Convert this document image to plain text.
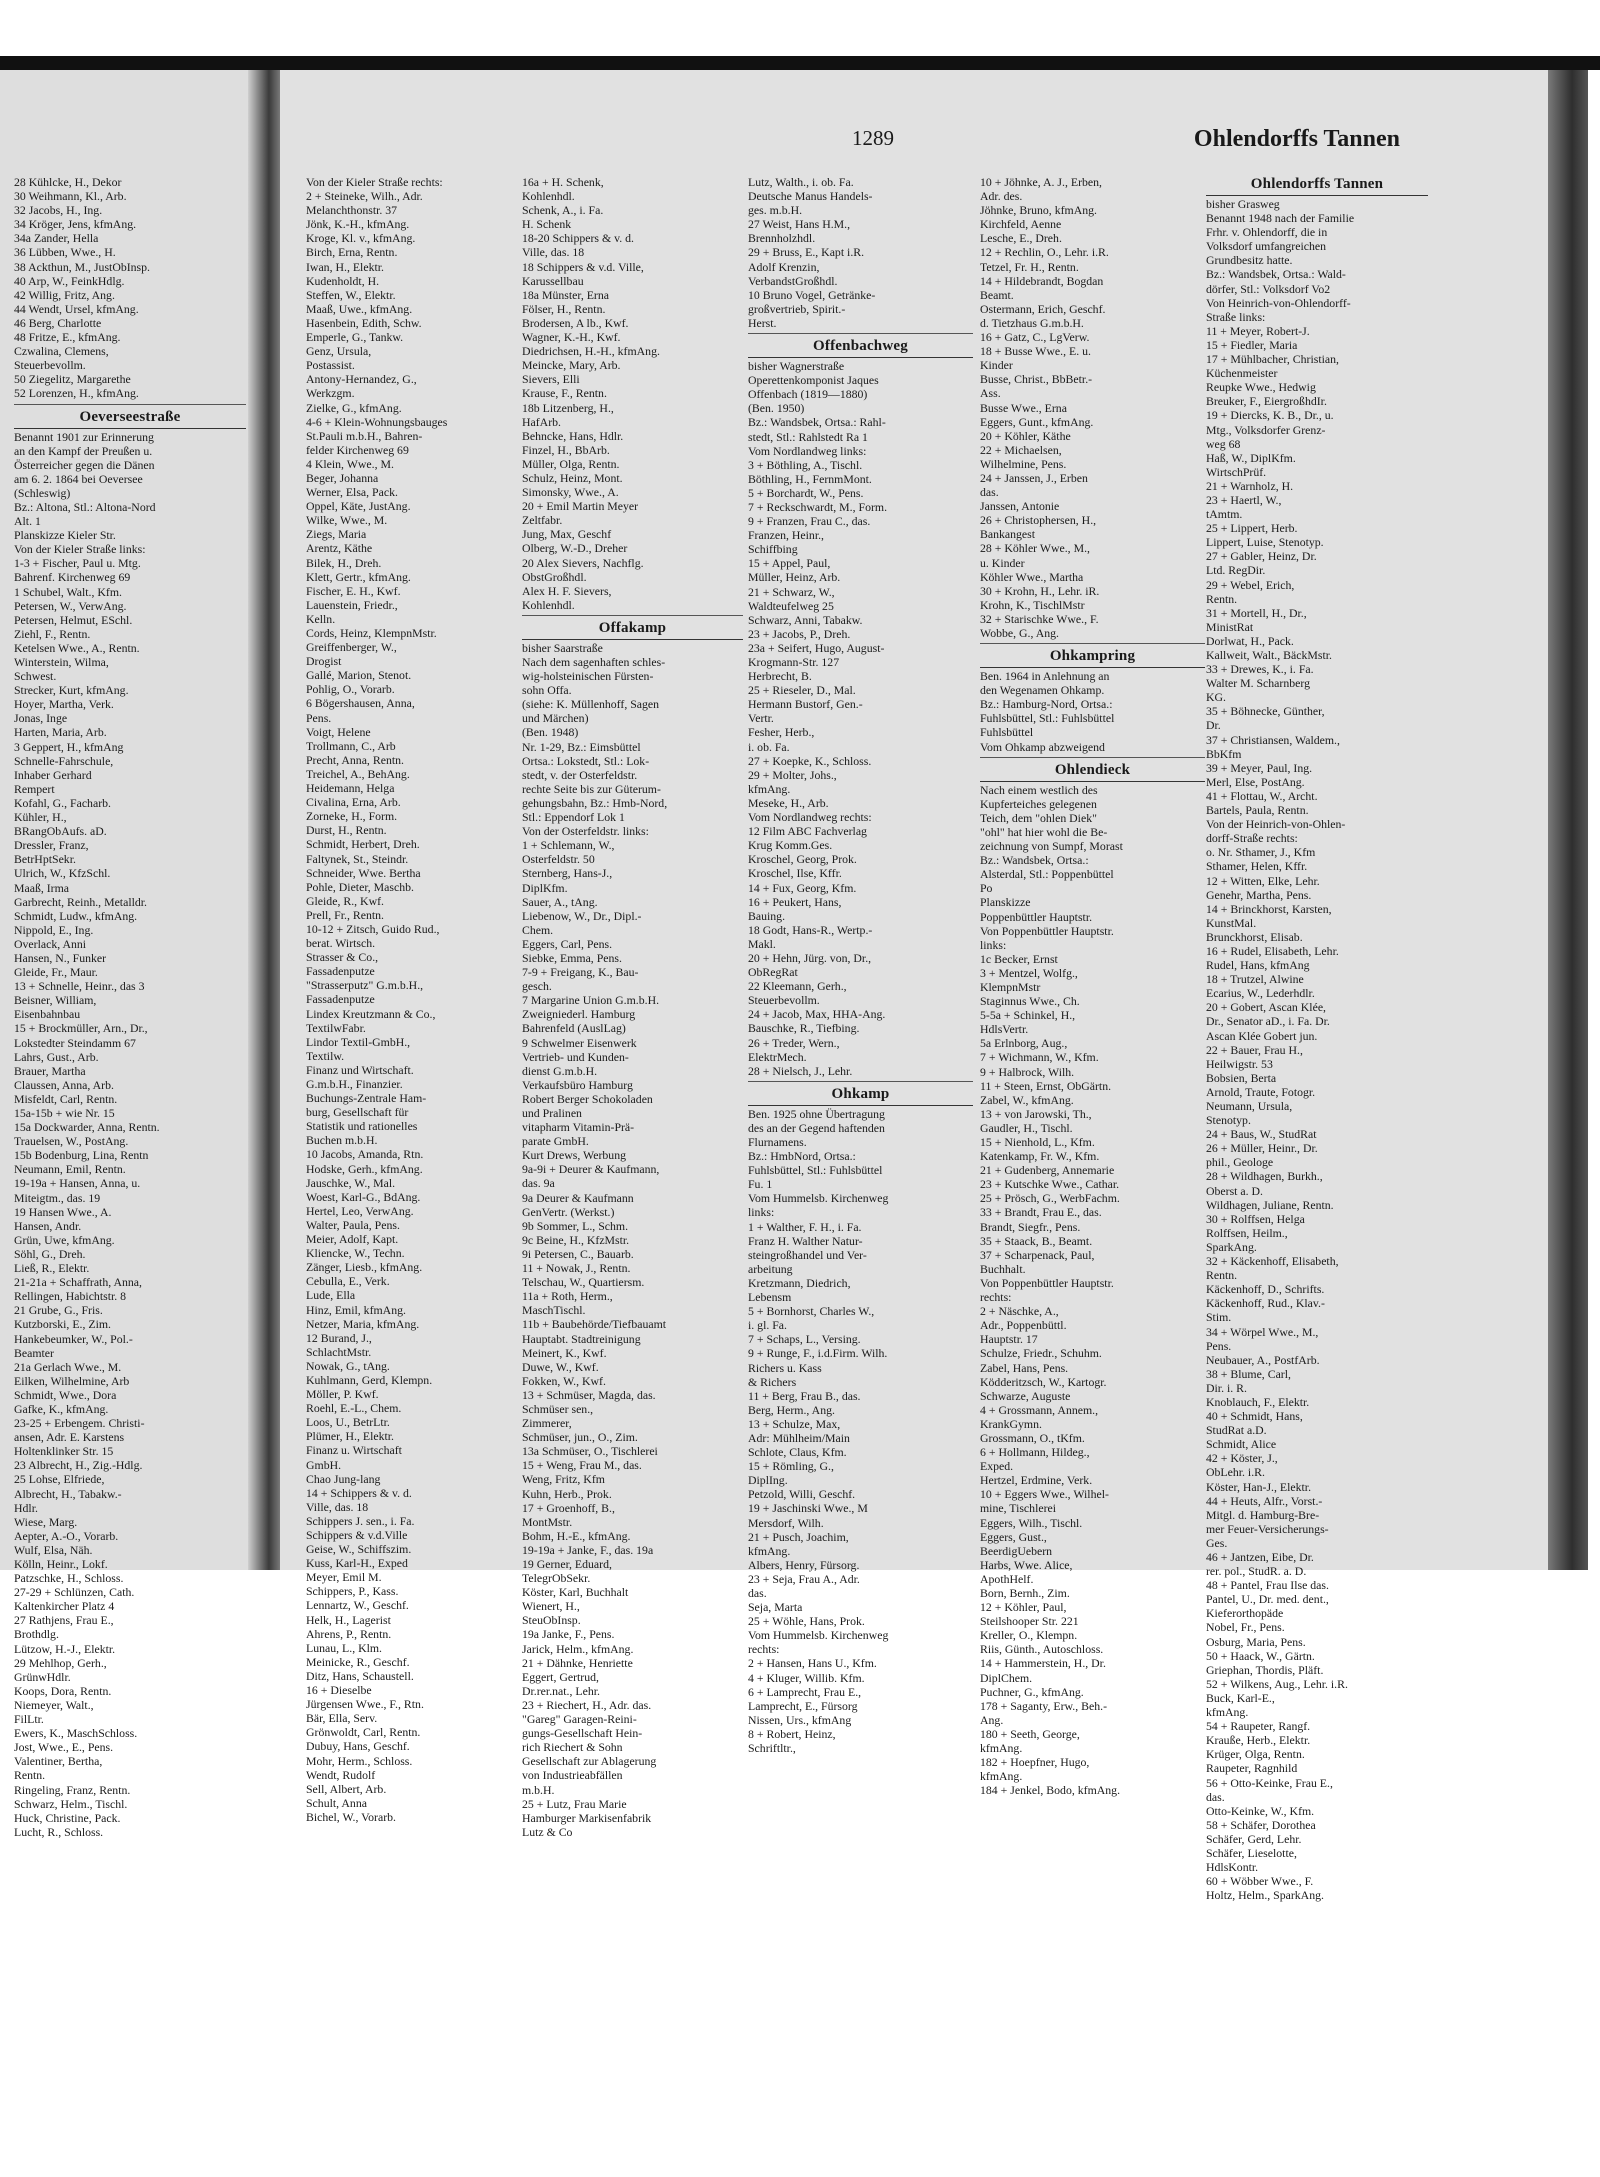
1289	Ohlendorffs Tannen
28 Kühlcke, H., Dekor
30 Weihmann, Kl., Arb.
32 Jacobs, H., Ing.
34 Kröger, Jens, kfmAng.
34a Zander, Hella
36 Lübben, Wwe., H.
38 Ackthun, M., JustObInsp.
40 Arp, W., FeinkHdlg.
42 Willig, Fritz, Ang.
44 Wendt, Ursel, kfmAng.
46 Berg, Charlotte
48 Fritze, E., kfmAng.
Czwalina, Clemens,
Steuerbevollm.
50 Ziegelitz, Margarethe
52 Lorenzen, H., kfmAng.
Oeverseestraße
Benannt 1901 zur Erinnerung
an den Kampf der Preußen u.
Österreicher gegen die Dänen
am 6. 2. 1864 bei Oeversee
(Schleswig)
Bz.: Altona, Stl.: Altona-Nord
Alt. 1
Planskizze Kieler Str.
Von der Kieler Straße links:
1-3 + Fischer, Paul u. Mtg.
Bahrenf. Kirchenweg 69
1 Schubel, Walt., Kfm.
Petersen, W., VerwAng.
Petersen, Helmut, ESchl.
Ziehl, F., Rentn.
Ketelsen Wwe., A., Rentn.
Winterstein, Wilma,
Schwest.
Strecker, Kurt, kfmAng.
Hoyer, Martha, Verk.
Jonas, Inge
Harten, Maria, Arb.
3 Geppert, H., kfmAng
Schnelle-Fahrschule,
Inhaber Gerhard
Rempert
Kofahl, G., Facharb.
Kühler, H.,
BRangObAufs. aD.
Dressler, Franz,
BetrHptSekr.
Ulrich, W., KfzSchl.
Maaß, Irma
Garbrecht, Reinh., Metalldr.
Schmidt, Ludw., kfmAng.
Nippold, E., Ing.
Overlack, Anni
Hansen, N., Funker
Gleide, Fr., Maur.
13 + Schnelle, Heinr., das 3
Beisner, William,
Eisenbahnbau
15 + Brockmüller, Arn., Dr.,
Lokstedter Steindamm 67
Lahrs, Gust., Arb.
Brauer, Martha
Claussen, Anna, Arb.
Misfeldt, Carl, Rentn.
15a-15b + wie Nr. 15
15a Dockwarder, Anna, Rentn.
Trauelsen, W., PostAng.
15b Bodenburg, Lina, Rentn
Neumann, Emil, Rentn.
19-19a + Hansen, Anna, u.
Miteigtm., das. 19
19 Hansen Wwe., A.
Hansen, Andr.
Grün, Uwe, kfmAng.
Söhl, G., Dreh.
Ließ, R., Elektr.
21-21a + Schaffrath, Anna,
Rellingen, Habichtstr. 8
21 Grube, G., Fris.
Kutzborski, E., Zim.
Hankebeumker, W., Pol.-
Beamter
21a Gerlach Wwe., M.
Eilken, Wilhelmine, Arb
Schmidt, Wwe., Dora
Gafke, K., kfmAng.
23-25 + Erbengem. Christi-
ansen, Adr. E. Karstens
Holtenklinker Str. 15
23 Albrecht, H., Zig.-Hdlg.
25 Lohse, Elfriede,
Albrecht, H., Tabakw.-
Hdlr.
Wiese, Marg.
Aepter, A.-O., Vorarb.
Wulf, Elsa, Näh.
Kölln, Heinr., Lokf.
Patzschke, H., Schloss.
27-29 + Schlünzen, Cath.
Kaltenkircher Platz 4
27 Rathjens, Frau E.,
Brothdlg.
Lützow, H.-J., Elektr.
29 Mehlhop, Gerh.,
GrünwHdlr.
Koops, Dora, Rentn.
Niemeyer, Walt.,
FilLtr.
Ewers, K., MaschSchloss.
Jost, Wwe., E., Pens.
Valentiner, Bertha,
Rentn.
Ringeling, Franz, Rentn.
Schwarz, Helm., Tischl.
Huck, Christine, Pack.
Lucht, R., Schloss.
Von der Kieler Straße rechts:
2 + Steineke, Wilh., Adr.
Melanchthonstr. 37
Jönk, K.-H., kfmAng.
Kroge, Kl. v., kfmAng.
Birch, Erna, Rentn.
Iwan, H., Elektr.
Kudenholdt, H.
Steffen, W., Elektr.
Maaß, Uwe., kfmAng.
Hasenbein, Edith, Schw.
Emperle, G., Tankw.
Genz, Ursula,
Postassist.
Antony-Hernandez, G.,
Werkzgm.
Zielke, G., kfmAng.
4-6 + Klein-Wohnungsbauges
St.Pauli m.b.H., Bahren-
felder Kirchenweg 69
4 Klein, Wwe., M.
Beger, Johanna
Werner, Elsa, Pack.
Oppel, Käte, JustAng.
Wilke, Wwe., M.
Ziegs, Maria
Arentz, Käthe
Bilek, H., Dreh.
Klett, Gertr., kfmAng.
Fischer, E. H., Kwf.
Lauenstein, Friedr.,
Kelln.
Cords, Heinz, KlempnMstr.
Greiffenberger, W.,
Drogist
Gallé, Marion, Stenot.
Pohlig, O., Vorarb.
6 Bögershausen, Anna,
Pens.
Voigt, Helene
Trollmann, C., Arb
Precht, Anna, Rentn.
Treichel, A., BehAng.
Heidemann, Helga
Civalina, Erna, Arb.
Zorneke, H., Form.
Durst, H., Rentn.
Schmidt, Herbert, Dreh.
Faltynek, St., Steindr.
Schneider, Wwe. Bertha
Pohle, Dieter, Maschb.
Gleide, R., Kwf.
Prell, Fr., Rentn.
10-12 + Zitsch, Guido Rud.,
berat. Wirtsch.
Strasser & Co.,
Fassadenputze
"Strasserputz" G.m.b.H.,
Fassadenputze
Lindex Kreutzmann & Co.,
TextilwFabr.
Lindor Textil-GmbH.,
Textilw.
Finanz und Wirtschaft.
G.m.b.H., Finanzier.
Buchungs-Zentrale Ham-
burg, Gesellschaft für
Statistik und rationelles
Buchen m.b.H.
10 Jacobs, Amanda, Rtn.
Hodske, Gerh., kfmAng.
Jauschke, W., Mal.
Woest, Karl-G., BdAng.
Hertel, Leo, VerwAng.
Walter, Paula, Pens.
Meier, Adolf, Kapt.
Kliencke, W., Techn.
Zänger, Liesb., kfmAng.
Cebulla, E., Verk.
Lude, Ella
Hinz, Emil, kfmAng.
Netzer, Maria, kfmAng.
12 Burand, J.,
SchlachtMstr.
Nowak, G., tAng.
Kuhlmann, Gerd, Klempn.
Möller, P. Kwf.
Roehl, E.-L., Chem.
Loos, U., BetrLtr.
Plümer, H., Elektr.
Finanz u. Wirtschaft
GmbH.
Chao Jung-lang
14 + Schippers & v. d.
Ville, das. 18
Schippers J. sen., i. Fa.
Schippers & v.d.Ville
Geise, W., Schiffszim.
Kuss, Karl-H., Exped
Meyer, Emil M.
Schippers, P., Kass.
Lennartz, W., Geschf.
Helk, H., Lagerist
Ahrens, P., Rentn.
Lunau, L., Klm.
Meinicke, R., Geschf.
Ditz, Hans, Schaustell.
16 + Dieselbe
Jürgensen Wwe., F., Rtn.
Bär, Ella, Serv.
Grönwoldt, Carl, Rentn.
Dubuy, Hans, Geschf.
Mohr, Herm., Schloss.
Wendt, Rudolf
Sell, Albert, Arb.
Schult, Anna
Bichel, W., Vorarb.
16a + H. Schenk,
Kohlenhdl.
Schenk, A., i. Fa.
H. Schenk
18-20 Schippers & v. d.
Ville, das. 18
18 Schippers & v.d. Ville,
Karussellbau
18a Münster, Erna
Fölser, H., Rentn.
Brodersen, A lb., Kwf.
Wagner, K.-H., Kwf.
Diedrichsen, H.-H., kfmAng.
Meincke, Mary, Arb.
Sievers, Elli
Krause, F., Rentn.
18b Litzenberg, H.,
HafArb.
Behncke, Hans, Hdlr.
Finzel, H., BbArb.
Müller, Olga, Rentn.
Schulz, Heinz, Mont.
Simonsky, Wwe., A.
20 + Emil Martin Meyer
Zeltfabr.
Jung, Max, Geschf
Olberg, W.-D., Dreher
20 Alex Sievers, Nachflg.
ObstGroßhdl.
Alex H. F. Sievers,
Kohlenhdl.
Offakamp
bisher Saarstraße
Nach dem sagenhaften schles-
wig-holsteinischen Fürsten-
sohn Offa.
(siehe: K. Müllenhoff, Sagen
und Märchen)
(Ben. 1948)
Nr. 1-29, Bz.: Eimsbüttel
Ortsa.: Lokstedt, Stl.: Lok-
stedt, v. der Osterfeldstr.
rechte Seite bis zur Güterum-
gehungsbahn, Bz.: Hmb-Nord,
Stl.: Eppendorf Lok 1
Von der Osterfeldstr. links:
1 + Schlemann, W.,
Osterfeldstr. 50
Sternberg, Hans-J.,
DiplKfm.
Sauer, A., tAng.
Liebenow, W., Dr., Dipl.-
Chem.
Eggers, Carl, Pens.
Siebke, Emma, Pens.
7-9 + Freigang, K., Bau-
gesch.
7 Margarine Union G.m.b.H.
Zweigniederl. Hamburg
Bahrenfeld (AuslLag)
9 Schwelmer Eisenwerk
Vertrieb- und Kunden-
dienst G.m.b.H.
Verkaufsbüro Hamburg
Robert Berger Schokoladen
und Pralinen
vitapharm Vitamin-Prä-
parate GmbH.
Kurt Drews, Werbung
9a-9i + Deurer & Kaufmann,
das. 9a
9a Deurer & Kaufmann
GenVertr. (Werkst.)
9b Sommer, L., Schm.
9c Beine, H., KfzMstr.
9i Petersen, C., Bauarb.
11 + Nowak, J., Rentn.
Telschau, W., Quartiersm.
11a + Roth, Herm.,
MaschTischl.
11b + Baubehörde/Tiefbauamt
Hauptabt. Stadtreinigung
Meinert, K., Kwf.
Duwe, W., Kwf.
Fokken, W., Kwf.
13 + Schmüser, Magda, das.
Schmüser sen.,
Zimmerer,
Schmüser, jun., O., Zim.
13a Schmüser, O., Tischlerei
15 + Weng, Frau M., das.
Weng, Fritz, Kfm
Kuhn, Herb., Prok.
17 + Groenhoff, B.,
MontMstr.
Bohm, H.-E., kfmAng.
19-19a + Janke, F., das. 19a
19 Gerner, Eduard,
TelegrObSekr.
Köster, Karl, Buchhalt
Wienert, H.,
SteuObInsp.
19a Janke, F., Pens.
Jarick, Helm., kfmAng.
21 + Dähnke, Henriette
Eggert, Gertrud,
Dr.rer.nat., Lehr.
23 + Riechert, H., Adr. das.
"Gareg" Garagen-Reini-
gungs-Gesellschaft Hein-
rich Riechert & Sohn
Gesellschaft zur Ablagerung
von Industrieabfällen
m.b.H.
25 + Lutz, Frau Marie
Hamburger Markisenfabrik
Lutz & Co
Lutz, Walth., i. ob. Fa.
Deutsche Manus Handels-
ges. m.b.H.
27 Weist, Hans H.M.,
Brennholzhdl.
29 + Bruss, E., Kapt i.R.
Adolf Krenzin,
VerbandstGroßhdl.
10 Bruno Vogel, Getränke-
großvertrieb, Spirit.-
Herst.
Offenbachweg
bisher Wagnerstraße
Operettenkomponist Jaques
Offenbach (1819—1880)
(Ben. 1950)
Bz.: Wandsbek, Ortsa.: Rahl-
stedt, Stl.: Rahlstedt Ra 1
Vom Nordlandweg links:
3 + Böthling, A., Tischl.
Böthling, H., FernmMont.
5 + Borchardt, W., Pens.
7 + Reckschwardt, M., Form.
9 + Franzen, Frau C., das.
Franzen, Heinr.,
Schiffbing
15 + Appel, Paul,
Müller, Heinz, Arb.
21 + Schwarz, W.,
Waldteufelweg 25
Schwarz, Anni, Tabakw.
23 + Jacobs, P., Dreh.
23a + Seifert, Hugo, August-
Krogmann-Str. 127
Herbrecht, B.
25 + Rieseler, D., Mal.
Hermann Bustorf, Gen.-
Vertr.
Fesher, Herb.,
i. ob. Fa.
27 + Koepke, K., Schloss.
29 + Molter, Johs.,
kfmAng.
Meseke, H., Arb.
Vom Nordlandweg rechts:
12 Film ABC Fachverlag
Krug Komm.Ges.
Kroschel, Georg, Prok.
Kroschel, Ilse, Kffr.
14 + Fux, Georg, Kfm.
16 + Peukert, Hans,
Bauing.
18 Godt, Hans-R., Wertp.-
Makl.
20 + Hehn, Jürg. von, Dr.,
ObRegRat
22 Kleemann, Gerh.,
Steuerbevollm.
24 + Jacob, Max, HHA-Ang.
Bauschke, R., Tiefbing.
26 + Treder, Wern.,
ElektrMech.
28 + Nielsch, J., Lehr.
Ohkamp
Ben. 1925 ohne Übertragung
des an der Gegend haftenden
Flurnamens.
Bz.: HmbNord, Ortsa.:
Fuhlsbüttel, Stl.: Fuhlsbüttel
Fu. 1
Vom Hummelsb. Kirchenweg
links:
1 + Walther, F. H., i. Fa.
Franz H. Walther Natur-
steingroßhandel und Ver-
arbeitung
Kretzmann, Diedrich,
Lebensm
5 + Bornhorst, Charles W.,
i. gl. Fa.
7 + Schaps, L., Versing.
9 + Runge, F., i.d.Firm. Wilh.
Richers u. Kass
& Richers
11 + Berg, Frau B., das.
Berg, Herm., Ang.
13 + Schulze, Max,
Adr: Mühlheim/Main
Schlote, Claus, Kfm.
15 + Römling, G.,
DiplIng.
Petzold, Willi, Geschf.
19 + Jaschinski Wwe., M
Mersdorf, Wilh.
21 + Pusch, Joachim,
kfmAng.
Albers, Henry, Fürsorg.
23 + Seja, Frau A., Adr.
das.
Seja, Marta
25 + Wöhle, Hans, Prok.
Vom Hummelsb. Kirchenweg
rechts:
2 + Hansen, Hans U., Kfm.
4 + Kluger, Willib. Kfm.
6 + Lamprecht, Frau E.,
Lamprecht, E., Fürsorg
Nissen, Urs., kfmAng
8 + Robert, Heinz,
Schriftltr.,
10 + Jöhnke, A. J., Erben,
Adr. des.
Jöhnke, Bruno, kfmAng.
Kirchfeld, Aenne
Lesche, E., Dreh.
12 + Rechlin, O., Lehr. i.R.
Tetzel, Fr. H., Rentn.
14 + Hildebrandt, Bogdan
Beamt.
Ostermann, Erich, Geschf.
d. Tietzhaus G.m.b.H.
16 + Gatz, C., LgVerw.
18 + Busse Wwe., E. u.
Kinder
Busse, Christ., BbBetr.-
Ass.
Busse Wwe., Erna
Eggers, Gunt., kfmAng.
20 + Köhler, Käthe
22 + Michaelsen,
Wilhelmine, Pens.
24 + Janssen, J., Erben
das.
Janssen, Antonie
26 + Christophersen, H.,
Bankangest
28 + Köhler Wwe., M.,
u. Kinder
Köhler Wwe., Martha
30 + Krohn, H., Lehr. iR.
Krohn, K., TischlMstr
32 + Starischke Wwe., F.
Wobbe, G., Ang.
Ohkampring
Ben. 1964 in Anlehnung an
den Wegenamen Ohkamp.
Bz.: Hamburg-Nord, Ortsa.:
Fuhlsbüttel, Stl.: Fuhlsbüttel
Fuhlsbüttel
Vom Ohkamp abzweigend
Ohlendieck
Nach einem westlich des
Kupferteiches gelegenen
Teich, dem "ohlen Diek"
"ohl" hat hier wohl die Be-
zeichnung von Sumpf, Morast
Bz.: Wandsbek, Ortsa.:
Alsterdal, Stl.: Poppenbüttel
Po
Planskizze
Poppenbüttler Hauptstr.
Von Poppenbüttler Hauptstr.
links:
1c Becker, Ernst
3 + Mentzel, Wolfg.,
KlempnMstr
Staginnus Wwe., Ch.
5-5a + Schinkel, H.,
HdlsVertr.
5a Erlnborg, Aug.,
7 + Wichmann, W., Kfm.
9 + Halbrock, Wilh.
11 + Steen, Ernst, ObGärtn.
Zabel, W., kfmAng.
13 + von Jarowski, Th.,
Gaudler, H., Tischl.
15 + Nienhold, L., Kfm.
Katenkamp, Fr. W., Kfm.
21 + Gudenberg, Annemarie
23 + Kutschke Wwe., Cathar.
25 + Prösch, G., WerbFachm.
33 + Brandt, Frau E., das.
Brandt, Siegfr., Pens.
35 + Staack, B., Beamt.
37 + Scharpenack, Paul,
Buchhalt.
Von Poppenbüttler Hauptstr.
rechts:
2 + Näschke, A.,
Adr., Poppenbüttl.
Hauptstr. 17
Schulze, Friedr., Schuhm.
Zabel, Hans, Pens.
Ködderitzsch, W., Kartogr.
Schwarze, Auguste
4 + Grossmann, Annem.,
KrankGymn.
Grossmann, O., tKfm.
6 + Hollmann, Hildeg.,
Exped.
Hertzel, Erdmine, Verk.
10 + Eggers Wwe., Wilhel-
mine, Tischlerei
Eggers, Wilh., Tischl.
Eggers, Gust.,
BeerdigUebern
Harbs, Wwe. Alice,
ApothHelf.
Born, Bernh., Zim.
12 + Köhler, Paul,
Steilshooper Str. 221
Kreller, O., Klempn.
Riis, Günth., Autoschloss.
14 + Hammerstein, H., Dr.
DiplChem.
Puchner, G., kfmAng.
178 + Saganty, Erw., Beh.-
Ang.
180 + Seeth, George,
kfmAng.
182 + Hoepfner, Hugo,
kfmAng.
184 + Jenkel, Bodo, kfmAng.
Ohlendorffs Tannen
bisher Grasweg
Benannt 1948 nach der Familie
Frhr. v. Ohlendorff, die in
Volksdorf umfangreichen
Grundbesitz hatte.
Bz.: Wandsbek, Ortsa.: Wald-
dörfer, Stl.: Volksdorf Vo2
Von Heinrich-von-Ohlendorff-
Straße links:
11 + Meyer, Robert-J.
15 + Fiedler, Maria
17 + Mühlbacher, Christian,
Küchenmeister
Reupke Wwe., Hedwig
Breuker, F., EiergroßhdIr.
19 + Diercks, K. B., Dr., u.
Mtg., Volksdorfer Grenz-
weg 68
Haß, W., DiplKfm.
WirtschPrüf.
21 + Warnholz, H.
23 + Haertl, W.,
tAmtm.
25 + Lippert, Herb.
Lippert, Luise, Stenotyp.
27 + Gabler, Heinz, Dr.
Ltd. RegDir.
29 + Webel, Erich,
Rentn.
31 + Mortell, H., Dr.,
MinistRat
Dorlwat, H., Pack.
Kallweit, Walt., BäckMstr.
33 + Drewes, K., i. Fa.
Walter M. Scharnberg
KG.
35 + Böhnecke, Günther,
Dr.
37 + Christiansen, Waldem.,
BbKfm
39 + Meyer, Paul, Ing.
Merl, Else, PostAng.
41 + Flottau, W., Archt.
Bartels, Paula, Rentn.
Von der Heinrich-von-Ohlen-
dorff-Straße rechts:
o. Nr. Sthamer, J., Kfm
Sthamer, Helen, Kffr.
12 + Witten, Elke, Lehr.
Genehr, Martha, Pens.
14 + Brinckhorst, Karsten,
KunstMal.
Brunckhorst, Elisab.
16 + Rudel, Elisabeth, Lehr.
Rudel, Hans, kfmAng
18 + Trutzel, Alwine
Ecarius, W., Lederhdlr.
20 + Gobert, Ascan Klée,
Dr., Senator aD., i. Fa. Dr.
Ascan Klée Gobert jun.
22 + Bauer, Frau H.,
Heilwigstr. 53
Bobsien, Berta
Arnold, Traute, Fotogr.
Neumann, Ursula,
Stenotyp.
24 + Baus, W., StudRat
26 + Müller, Heinr., Dr.
phil., Geologe
28 + Wildhagen, Burkh.,
Oberst a. D.
Wildhagen, Juliane, Rentn.
30 + Rolffsen, Helga
Rolffsen, Heilm.,
SparkAng.
32 + Käckenhoff, Elisabeth,
Rentn.
Käckenhoff, D., Schrifts.
Käckenhoff, Rud., Klav.-
Stim.
34 + Wörpel Wwe., M.,
Pens.
Neubauer, A., PostfArb.
38 + Blume, Carl,
Dir. i. R.
Knoblauch, F., Elektr.
40 + Schmidt, Hans,
StudRat a.D.
Schmidt, Alice
42 + Köster, J.,
ObLehr. i.R.
Köster, Han-J., Elektr.
44 + Heuts, Alfr., Vorst.-
Mitgl. d. Hamburg-Bre-
mer Feuer-Versicherungs-
Ges.
46 + Jantzen, Eibe, Dr.
rer. pol., StudR. a. D.
48 + Pantel, Frau Ilse das.
Pantel, U., Dr. med. dent.,
Kieferorthopäde
Nobel, Fr., Pens.
Osburg, Maria, Pens.
50 + Haack, W., Gärtn.
Griephan, Thordis, Pläft.
52 + Wilkens, Aug., Lehr. i.R.
Buck, Karl-E.,
kfmAng.
54 + Raupeter, Rangf.
Krauße, Herb., Elektr.
Krüger, Olga, Rentn.
Raupeter, Ragnhild
56 + Otto-Keinke, Frau E.,
das.
Otto-Keinke, W., Kfm.
58 + Schäfer, Dorothea
Schäfer, Gerd, Lehr.
Schäfer, Lieselotte,
HdlsKontr.
60 + Wöbber Wwe., F.
Holtz, Helm., SparkAng.
